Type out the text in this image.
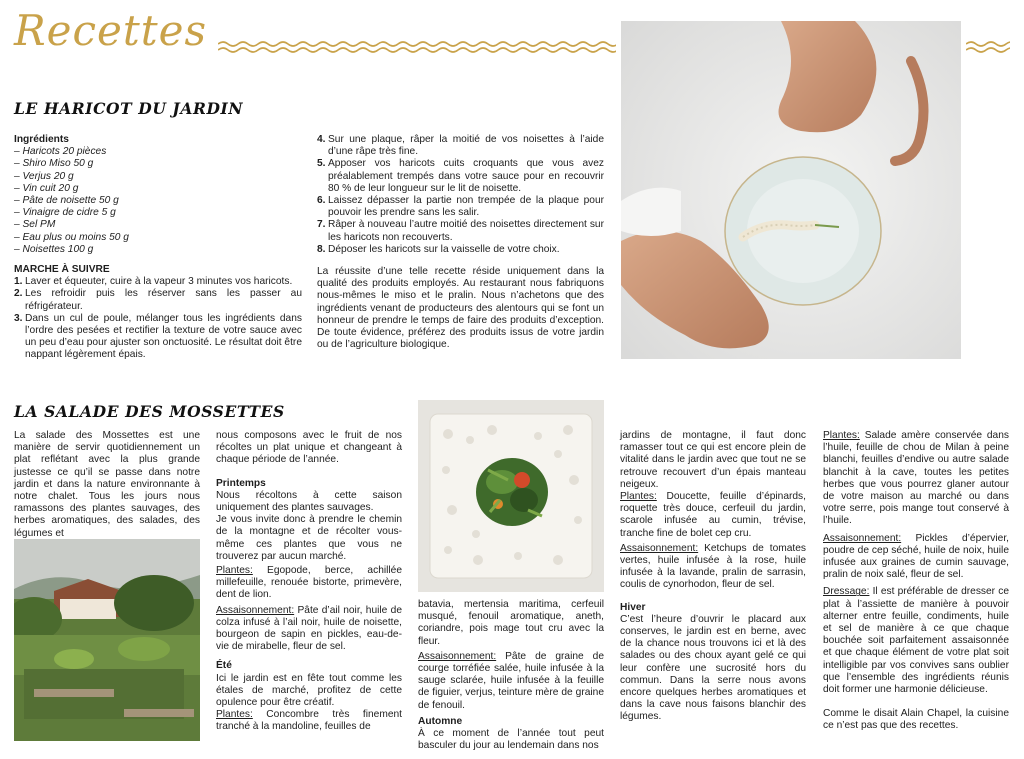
Recettes
LE HARICOT DU JARDIN

Ingrédients

– Haricots 20 pièces

– Shiro Miso 50 g

– Verjus 20 g

– Vin cuit 20 g

– Pâte de noisette 50 g

– Vinaigre de cidre 5 g

– Sel PM

– Eau plus ou moins 50 g

– Noisettes 100 g

MARCHE À SUIVRE

1. Laver et équeuter, cuire à la vapeur 3 minutes vos haricots.
2. Les refroidir puis les réserver sans les passer au réfrigérateur.
3. Dans un cul de poule, mélanger tous les ingrédients dans l’ordre des pesées et rectifier la texture de votre sauce avec un peu d’eau pour ajuster son onctuosité. Le résultat doit être nappant légèrement épais.
4. Sur une plaque, râper la moitié de vos noisettes à l’aide d’une râpe très fine.
5. Apposer vos haricots cuits croquants que vous avez préalablement trempés dans votre sauce pour en recouvrir 80 % de leur longueur sur le lit de noisette.
6. Laissez dépasser la partie non trempée de la plaque pour pouvoir les prendre sans les salir.
7. Râper à nouveau l’autre moitié des noisettes directement sur les haricots non recouverts.
8. Déposer les haricots sur la vaisselle de votre choix.

La réussite d’une telle recette réside uniquement dans la qualité des produits employés. Au restaurant nous fabriquons nous-mêmes le miso et le pralin. Nous n’achetons que des ingrédients venant de producteurs des alentours qui se font un honneur de prendre le temps de faire des produits d’exception. De toute évidence, préférez des produits issus de votre jardin ou de l’agriculture biologique.

LA SALADE DES MOSSETTES

La salade des Mossettes est une manière de servir quotidiennement un plat reflétant avec la plus grande justesse ce qu’il se passe dans notre jardin et dans la nature environnante à notre chalet. Tous les jours nous ramassons des plantes sauvages, des herbes aromatiques, des salades, des légumes et

nous composons avec le fruit de nos récoltes un plat unique et changeant à chaque période de l’année.

Printemps

Nous récoltons à cette saison uniquement des plantes sauvages.
Je vous invite donc à prendre le chemin de la montagne et de récolter vous-même ces plantes que vous ne trouverez par aucun marché.

Plantes: Egopode, berce, achillée millefeuille, renouée bistorte, primevère, dent de lion.

Assaisonnement: Pâte d’ail noir, huile de colza infusé à l’ail noir, huile de noisette, bourgeon de sapin en pickles, eau-de-vie de mirabelle, fleur de sel.

Été

Ici le jardin est en fête tout comme les étales de marché, profitez de cette opulence pour être créatif.

Plantes: Concombre très finement tranché à la mandoline, feuilles de

batavia, mertensia maritima, cerfeuil musqué, fenouil aromatique, aneth, coriandre, pois mage tout cru avec la fleur.

Assaisonnement: Pâte de graine de courge torréfiée salée, huile infusée à la sauge sclarée, huile infusée à la feuille de figuier, verjus, teinture mère de graine de fenouil.

Automne

À ce moment de l’année tout peut basculer du jour au lendemain dans nos

jardins de montagne, il faut donc ramasser tout ce qui est encore plein de vitalité dans le jardin avec que tout ne se retrouve recouvert d’un épais manteau neigeux.

Plantes: Doucette, feuille d’épinards, roquette très douce, cerfeuil du jardin, scarole infusée au cumin, trévise, tranche fine de bolet cep cru.

Assaisonnement: Ketchups de tomates vertes, huile infusée à la rose, huile infusée à la lavande, pralin de sarrasin, coulis de cynorhodon, fleur de sel.

Hiver

C’est l’heure d’ouvrir le placard aux conserves, le jardin est en berne, avec de la chance nous trouvons ici et là des salades ou des choux ayant gelé ce qui leur confère une sucrosité hors du commun. Dans la serre nous avons encore quelques herbes aromatiques et dans la cave nous faisons blanchir des légumes.

Plantes: Salade amère conservée dans l’huile, feuille de chou de Milan à peine blanchi, feuilles d’endive ou autre salade blanchit à la cave, toutes les petites herbes que vous pourrez glaner autour de votre maison au marché ou dans votre serre, pois mange tout conservé à l’huile.

Assaisonnement: Pickles d’épervier, poudre de cep séché, huile de noix, huile infusée aux graines de cumin sauvage, pralin de noix salé, fleur de sel.

Dressage: Il est préférable de dresser ce plat à l’assiette de manière à pouvoir alterner entre feuille, condiments, huile et sel de manière à ce que chaque bouchée soit parfaitement assaisonnée et que chaque élément de votre plat soit intelligible par vos convives sans oublier que l’ensemble des ingrédients réunis doit former une harmonie délicieuse.

Comme le disait Alain Chapel, la cuisine ce n’est pas que des recettes.
